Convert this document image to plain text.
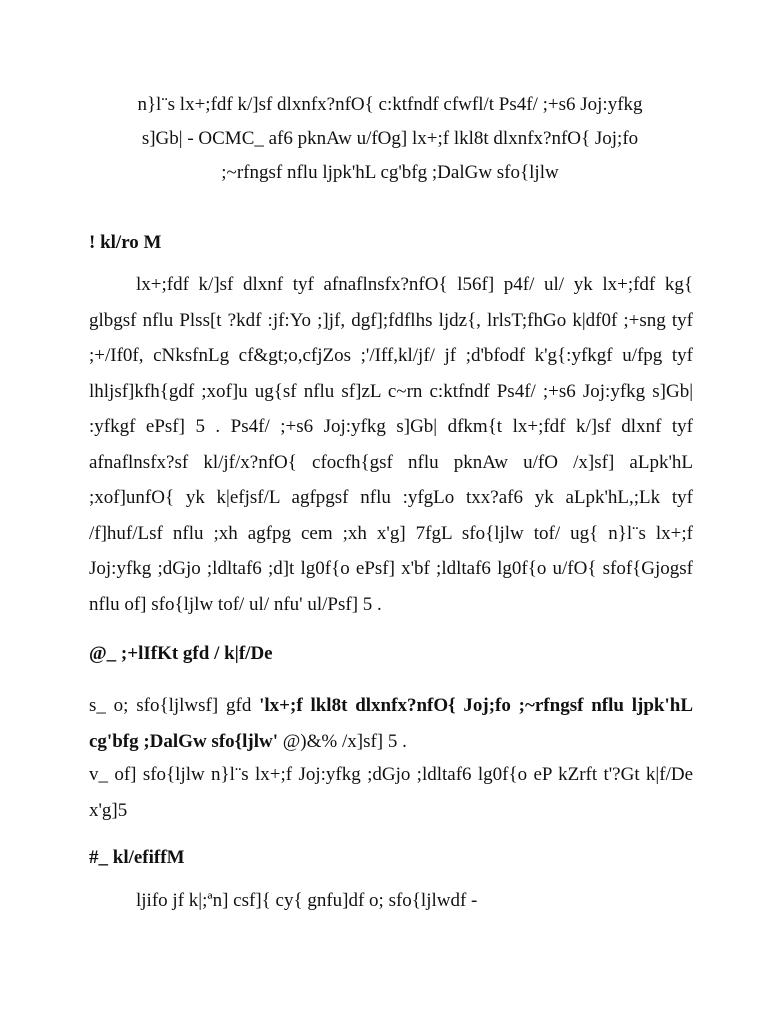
n}l¨s lx+;fdf k/]sf dlxnfx?nfO{ c:ktfndf cfwfl/t Ps4f/ ;+s6 Joj:yfkg
s]Gb| - OCMC_ af6 pknAw u/fOg] lx+;f lkl8t dlxnfx?nfO{ Joj;fo
;~rfngsf nflu ljpk'hL cg'bfg ;DalGw sfo{ljlw
! kl/ro M
lx+;fdf k/]sf dlxnf tyf afnaflnsfx?nfO{ l56f] p4f/ ul/ yk lx+;fdf kg{ glbgsf nflu Plss[t ?kdf :jf:Yo ;]jf, dgf];fdflhs ljdz{, lrlsT;fhGo k|df0f ;+sng tyf ;+/If0f, cNksfnLg cf&gt;o,cfjZos ;'/Iff,kl/jf/ jf ;d'bfodf k'g{:yfkgf u/fpg tyf lhljsf]kfh{gdf ;xof]u ug{sf nflu sf]zL c~rn c:ktfndf Ps4f/ ;+s6 Joj:yfkg s]Gb| :yfkgf ePsf] 5 . Ps4f/ ;+s6 Joj:yfkg s]Gb| dfkm{t lx+;fdf k/]sf dlxnf tyf afnaflnsfx?sf kl/jf/x?nfO{ cfocfh{gsf nflu pknAw u/fO /x]sf] aLpk'hL ;xof]unfO{ yk k|efjsf/L agfpgsf nflu :yfgLo txx?af6 yk aLpk'hL,;Lk tyf /f]huf/Lsf nflu ;xh agfpg cem ;xh x'g] 7fgL sfo{ljlw tof/ ug{ n}l¨s lx+;f Joj:yfkg ;dGjo ;ldltaf6 ;d]t lg0f{o ePsf] x'bf ;ldltaf6 lg0f{o u/fO{ sfof{Gjogsf nflu of] sfo{ljlw tof/ ul/ nfu' ul/Psf] 5 .
@_ ;+lIfKt gfd / k|f/De
s_ o; sfo{ljlwsf] gfd 'lx+;f lkl8t dlxnfx?nfO{ Joj;fo ;~rfngsf nflu ljpk'hL cg'bfg ;DalGw sfo{ljlw' @)&% /x]sf] 5 .
v_ of] sfo{ljlw n}l¨s lx+;f Joj:yfkg ;dGjo ;ldltaf6 lg0f{o eP kZrft t'?Gt k|f/De x'g]5
#_ kl/efiffM
ljifo jf k|;ªn] csf]{ cy{ gnfu]df o; sfo{ljlwdf -
